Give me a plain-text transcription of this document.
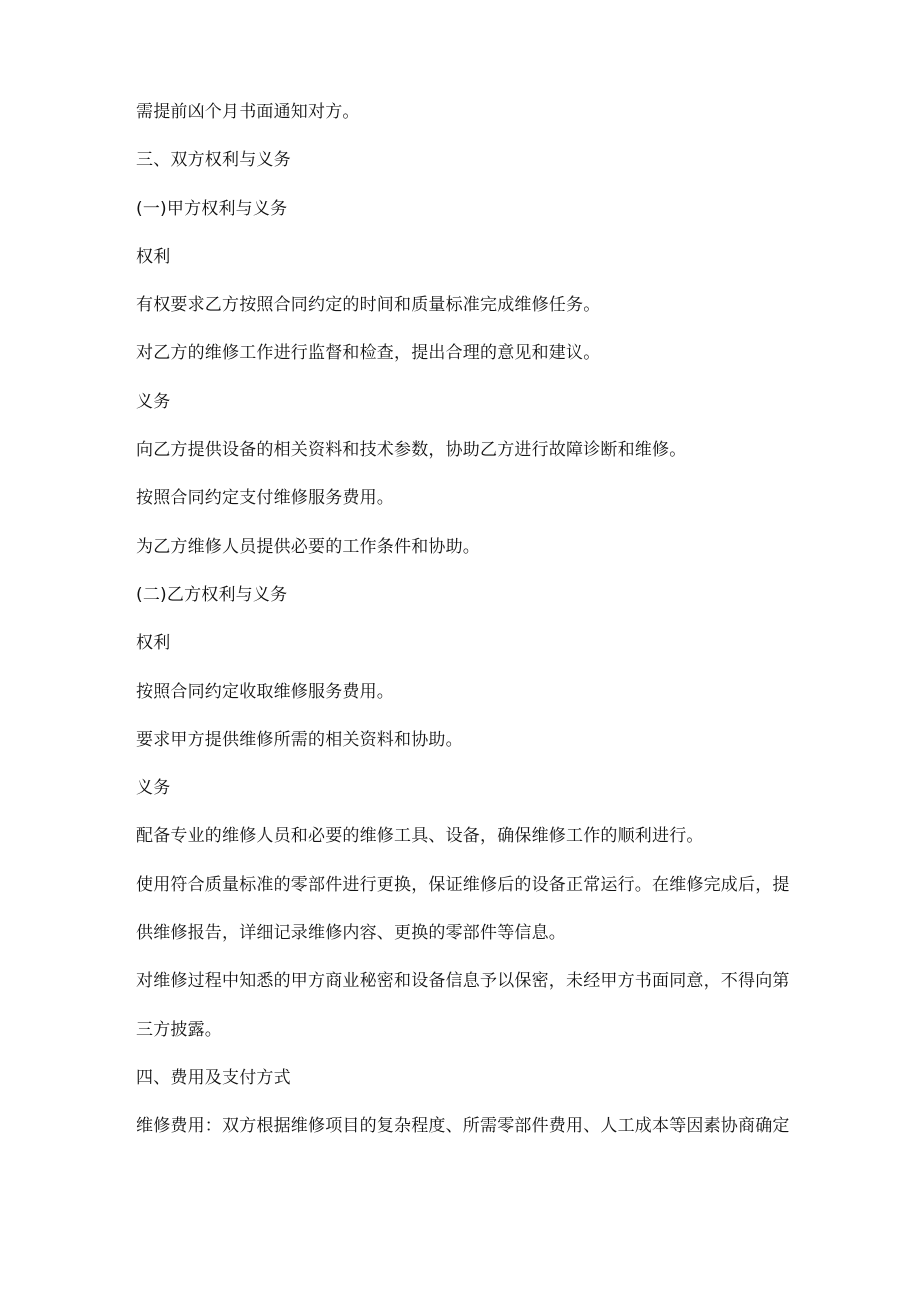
需提前凶个月书面通知对方。

三、双方权利与义务

(一)甲方权利与义务

权利

有权要求乙方按照合同约定的时间和质量标准完成维修任务。

对乙方的维修工作进行监督和检查，提出合理的意见和建议。

义务

向乙方提供设备的相关资料和技术参数，协助乙方进行故障诊断和维修。

按照合同约定支付维修服务费用。

为乙方维修人员提供必要的工作条件和协助。

(二)乙方权利与义务

权利

按照合同约定收取维修服务费用。

要求甲方提供维修所需的相关资料和协助。

义务

配备专业的维修人员和必要的维修工具、设备，确保维修工作的顺利进行。

使用符合质量标准的零部件进行更换，保证维修后的设备正常运行。在维修完成后，提

供维修报告，详细记录维修内容、更换的零部件等信息。

对维修过程中知悉的甲方商业秘密和设备信息予以保密，未经甲方书面同意，不得向第

三方披露。

四、费用及支付方式

维修费用：双方根据维修项目的复杂程度、所需零部件费用、人工成本等因素协商确定
